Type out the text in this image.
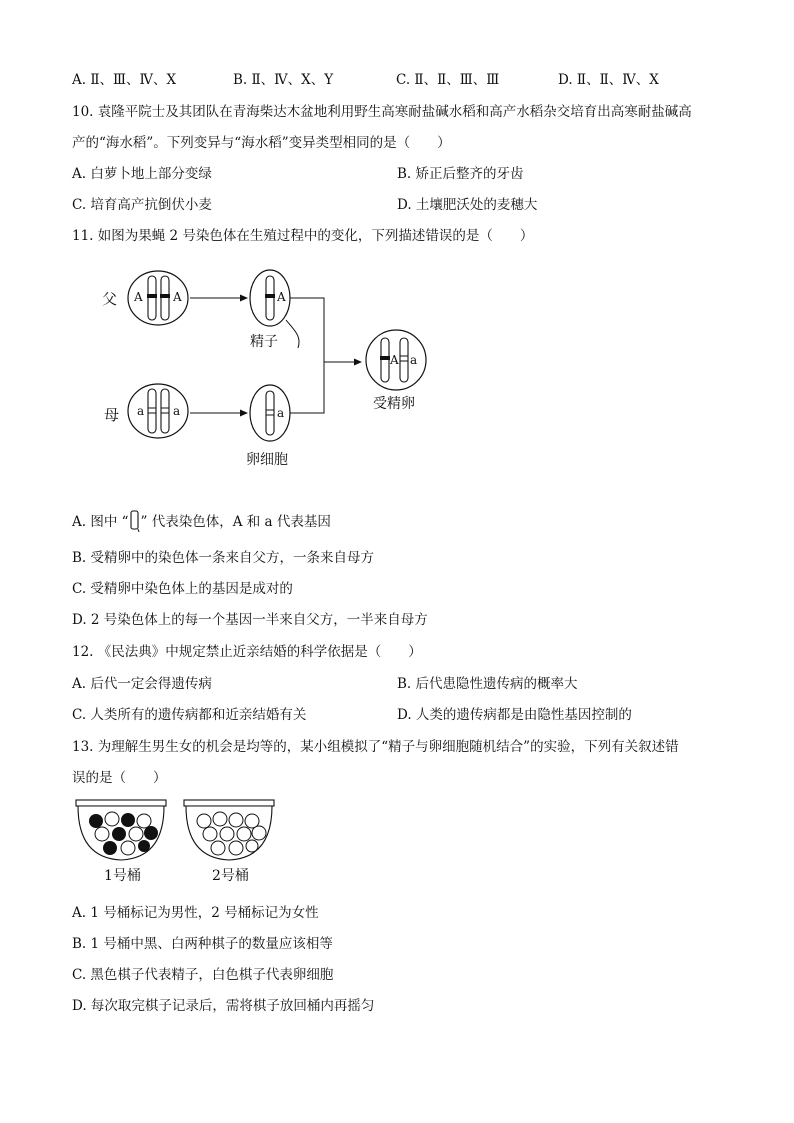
A. Ⅱ、Ⅲ、Ⅳ、X	B. Ⅱ、Ⅳ、X、Y	C. Ⅱ、Ⅱ、Ⅲ、Ⅲ	D. Ⅱ、Ⅱ、Ⅳ、X
10. 袁隆平院士及其团队在青海柴达木盆地利用野生高寒耐盐碱水稻和高产水稻杂交培育出高寒耐盐碱高
产的“海水稻”。下列变异与“海水稻”变异类型相同的是（　　）
A. 白萝卜地上部分变绿	B. 矫正后整齐的牙齿
C. 培育高产抗倒伏小麦	D. 土壤肥沃处的麦穗大
11. 如图为果蝇 2 号染色体在生殖过程中的变化，下列描述错误的是（　　）
父 A	A	A
精子
母 a a	a
卵细胞
A a
受精卵
A. 图中 “ ” 代表染色体，A 和 a 代表基因
B. 受精卵中的染色体一条来自父方，一条来自母方
C. 受精卵中染色体上的基因是成对的
D. 2 号染色体上的每一个基因一半来自父方，一半来自母方
12. 《民法典》中规定禁止近亲结婚的科学依据是（　　）
A. 后代一定会得遗传病	B. 后代患隐性遗传病的概率大
C. 人类所有的遗传病都和近亲结婚有关	D. 人类的遗传病都是由隐性基因控制的
13. 为理解生男生女的机会是均等的，某小组模拟了“精子与卵细胞随机结合”的实验，下列有关叙述错
误的是（　　）
1号桶	2号桶
A. 1 号桶标记为男性，2 号桶标记为女性
B. 1 号桶中黑、白两种棋子的数量应该相等
C. 黑色棋子代表精子，白色棋子代表卵细胞
D. 每次取完棋子记录后，需将棋子放回桶内再摇匀
